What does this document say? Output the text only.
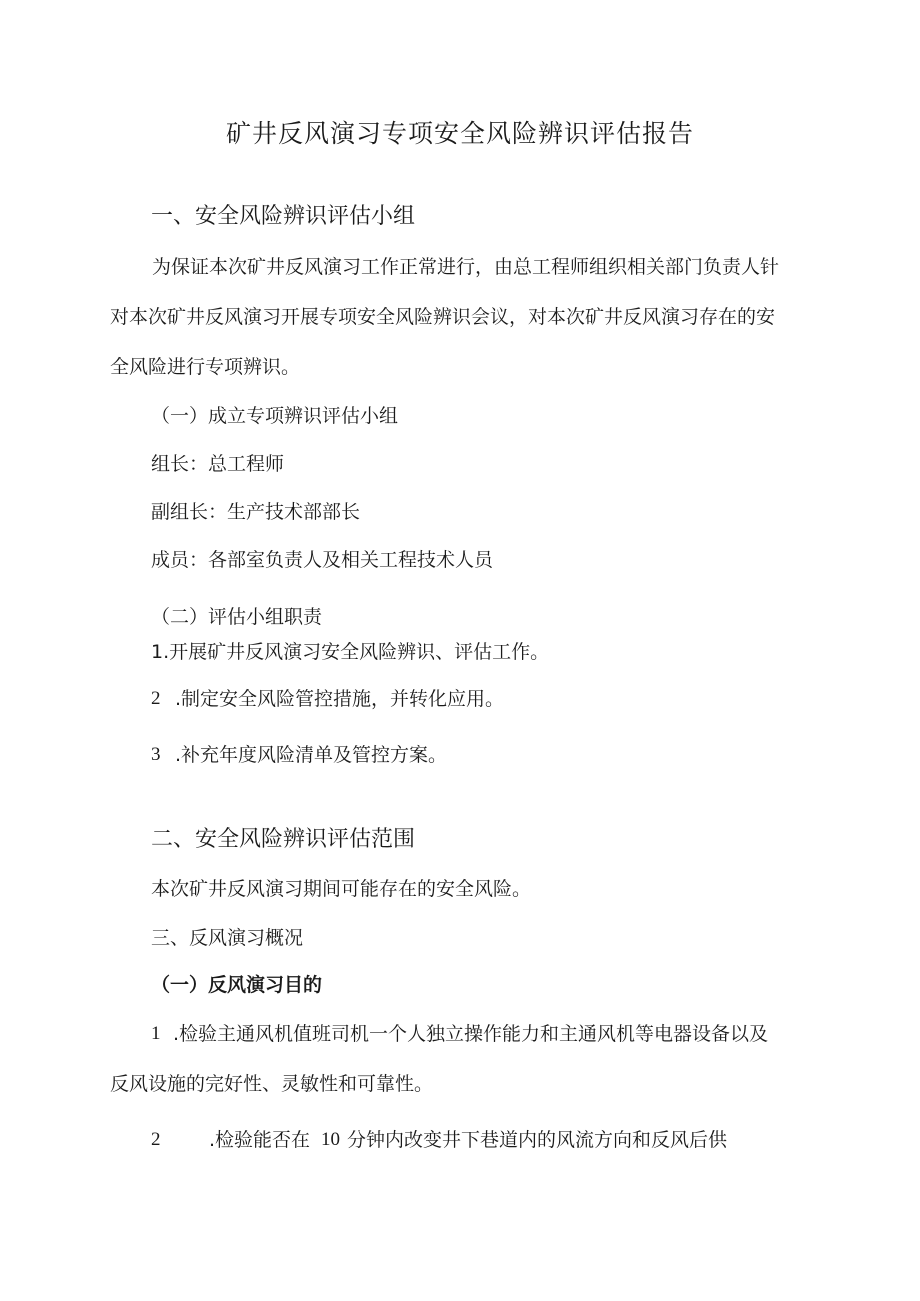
矿井反风演习专项安全风险辨识评估报告
一、安全风险辨识评估小组
为保证本次矿井反风演习工作正常进行，由总工程师组织相关部门负责人针
对本次矿井反风演习开展专项安全风险辨识会议，对本次矿井反风演习存在的安
全风险进行专项辨识。
（一）成立专项辨识评估小组
组长：总工程师
副组长：生产技术部部长
成员：各部室负责人及相关工程技术人员
（二）评估小组职责
1.开展矿井反风演习安全风险辨识、评估工作。
2 .制定安全风险管控措施，并转化应用。
3 .补充年度风险清单及管控方案。
二、安全风险辨识评估范围
本次矿井反风演习期间可能存在的安全风险。
三、反风演习概况
（一）反风演习目的
1 .检验主通风机值班司机一个人独立操作能力和主通风机等电器设备以及
反风设施的完好性、灵敏性和可靠性。
2	.检验能否在 10 分钟内改变井下巷道内的风流方向和反风后供
